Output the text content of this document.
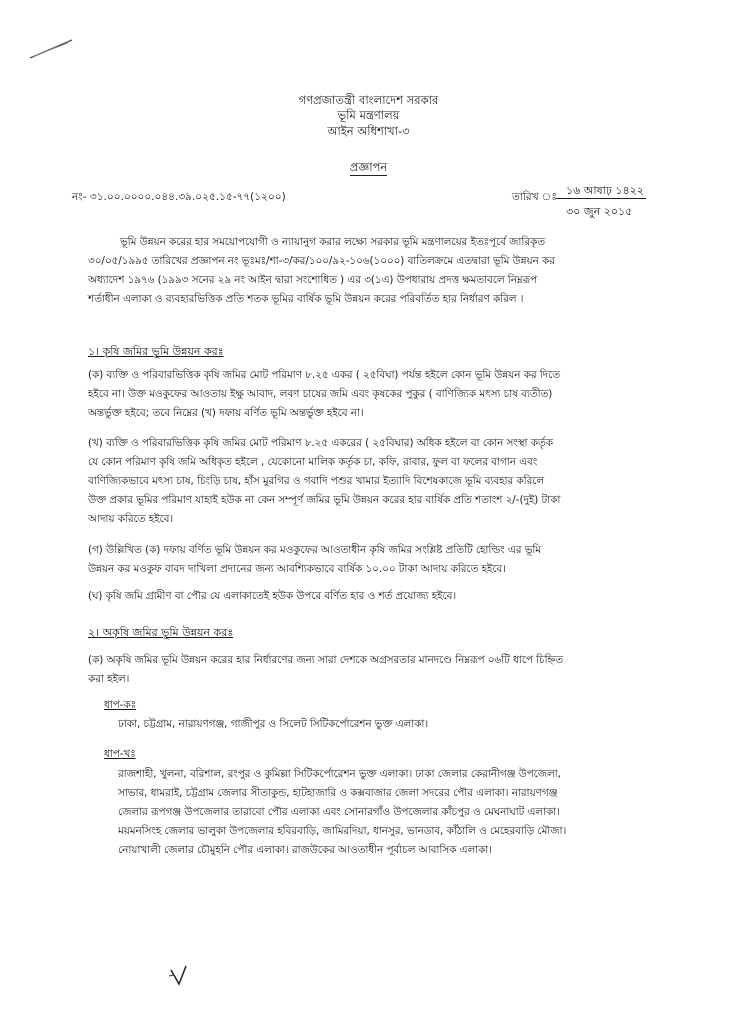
গণপ্রজাতন্ত্রী বাংলাদেশ সরকার
ভূমি মন্ত্রণালয়
আইন অধিশাখা-৩
প্রজ্ঞাপন
নং- ৩১.০০.০০০০.০৪৪.৩৯.০২৫.১৫-৭৭(১২০০)	তারিখ ঃ ১৬ আষাঢ় ১৪২২
৩০ জুন ২০১৫
ভূমি উন্নয়ন করের হার সময়োপযোগী ও ন্যায়ানুগ করার লক্ষ্যে সরকার ভূমি মন্ত্রণালয়ের ইতঃপূর্বে জারিকৃত
৩০/০৫/১৯৯৫ তারিখের প্রজ্ঞাপন নং ভূঃমঃ/শা-৩/কর/১০০/৯২-১০৬(১০০০) বাতিলক্রমে এতদ্বারা ভূমি উন্নয়ন কর
অধ্যাদেশ ১৯৭৬ (১৯৯৩ সনের ২৯ নং আইন দ্বারা সংশোধিত ) এর ৩(১এ) উপধারায় প্রদত্ত ক্ষমতাবলে নিম্নরূপ
শর্তাধীন এলাকা ও ব্যবহারভিত্তিক প্রতি শতক ভূমির বার্ষিক ভূমি উন্নয়ন করের পরিবর্তিত হার নির্ধারণ করিল ।
১। কৃষি জমির ভূমি উন্নয়ন করঃ
(ক) ব্যক্তি ও পরিবারভিত্তিক কৃষি জমির মোট পরিমাণ ৮.২৫ একর ( ২৫বিঘা) পর্যন্ত হইলে কোন ভূমি উন্নয়ন কর দিতে
হইবে না। উক্ত মওকুফের আওতায় ইক্ষু আবাদ, লবণ চাষের জমি এবং কৃষকের পুকুর ( বাণিজ্যিক মৎস্য চাষ ব্যতীত)
অন্তর্ভুক্ত হইবে; তবে নিম্নের (খ) দফায় বর্ণিত ভূমি অন্তর্ভুক্ত হইবে না।
(খ) ব্যক্তি ও পরিবারভিত্তিক কৃষি জমির মোট পরিমাণ ৮.২৫ একরের ( ২৫বিঘার) অধিক হইলে বা কোন সংস্থা কর্তৃক
যে কোন পরিমাণ কৃষি জমি অধিকৃত হইলে , যেকোনো মালিক কর্তৃক চা, কফি, রাবার, ফুল বা ফলের বাগান এবং
বাণিজ্যিকভাবে মৎস্য চাষ, চিংড়ি চাষ, হাঁস মুরগির ও গবাদি পশুর খামার ইত্যাদি বিশেষকাজে ভূমি ব্যবহার করিলে
উক্ত প্রকার ভূমির পরিমাণ যাহাই হউক না কেন সম্পূর্ণ জমির ভূমি উন্নয়ন করের হার বার্ষিক প্রতি শতাংশ ২/-(দুই) টাকা
আদায় করিতে হইবে।
(গ) উল্লিখিত (ক) দফায় বর্ণিত ভূমি উন্নয়ন কর মওকুফের আওতাধীন কৃষি জমির সংশ্লিষ্ট প্রতিটি হোল্ডিং এর ভূমি
উন্নয়ন কর মওকুফ বাবদ দাখিলা প্রদানের জন্য আবশ্যিকভাবে বার্ষিক ১০.০০ টাকা আদায় করিতে হইবে।
(ঘ) কৃষি জমি গ্রামীণ বা পৌর যে এলাকাতেই হউক উপরে বর্ণিত হার ও শর্ত প্রযোজ্য হইবে।
২। অকৃষি জমির ভূমি উন্নয়ন করঃ
(ক) অকৃষি জমির ভূমি উন্নয়ন করের হার নির্ধারণের জন্য সারা দেশকে অগ্রসরতার মানদণ্ডে নিম্নরূপ ০৬টি ধাপে চিহ্নিত
করা হইল।
ধাপ-কঃ
ঢাকা, চট্টগ্রাম, নারায়ণগঞ্জ, গাজীপুর ও সিলেট সিটিকর্পোরেশন ভুক্ত এলাকা।
ধাপ-খঃ
রাজশাহী, খুলনা, বরিশাল, রংপুর ও কুমিল্লা সিটিকর্পোরেশন ভুক্ত এলাকা। ঢাকা জেলার কেরানীগঞ্জ উপজেলা,
সাভার, ধামরাই, চট্টগ্রাম জেলার সীতাকুন্ড, হাটহাজারি ও কক্সবাজার জেলা সদরের পৌর এলাকা। নারায়ণগঞ্জ
জেলার রূপগঞ্জ উপজেলার তারাবো পৌর এলাকা এবং সোনারগাঁও উপজেলার কাঁচপুর ও মেঘনাঘাট এলাকা।
ময়মনসিংহ জেলার ভালুকা উপজেলার হবিরবাড়ি, জামিরদিয়া, ধানসুর, ভানডাব, কাঁঠালি ও মেহেরবাড়ি মৌজা।
নোয়াখালী জেলার চৌমুহনি পৌর এলাকা। রাজউকের আওতাধীন পূর্বাচল আবাসিক এলাকা।
